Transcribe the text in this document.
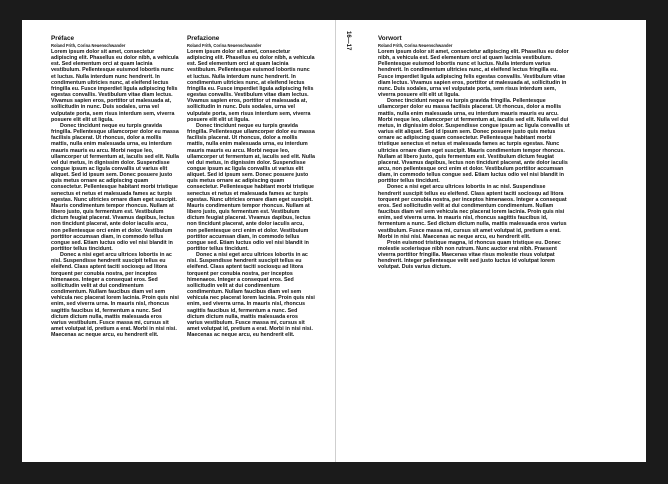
Préface

Roland Frith, Corina Neuenschwander

Lorem ipsum dolor sit amet, consectetur adipiscing elit. Phasellus eu dolor nibh, a vehicula est. Sed elementum orci at quam lacinia vestibulum. Pellentesque euismod lobortis nunc et luctus. Nulla interdum nunc hendrerit. In condimentum ultricies nunc, at eleifend lectus fringilla eu. Fusce imperdiet ligula adipiscing felis egestas convallis. Vestibulum vitae diam lectus. Vivamus sapien eros, porttitor ut malesuada at, sollicitudin in nunc. Duis sodales, urna vel vulputate porta, sem risus interdum sem, viverra posuere elit elit ut ligula.

Donec tincidunt neque eu turpis gravida fringilla. Pellentesque ullamcorper dolor eu massa facilisis placerat. Ut rhoncus, dolor a mollis mattis, nulla enim malesuada urna, eu interdum mauris mauris eu arcu. Morbi neque leo, ullamcorper ut fermentum at, iaculis sed elit. Nulla vel dui metus, in dignissim dolor. Suspendisse congue ipsum ac ligula convallis ut varius elit aliquet. Sed id ipsum sem. Donec posuere justo quis metus ornare ac adipiscing quam consectetur. Pellentesque habitant morbi tristique senectus et netus et malesuada fames ac turpis egestas. Nunc ultricies ornare diam eget suscipit. Mauris condimentum tempor rhoncus. Nullam at libero justo, quis fermentum est. Vestibulum dictum feugiat placerat. Vivamus dapibus, lectus non tincidunt placerat, ante dolor iaculis arcu, non pellentesque orci enim et dolor. Vestibulum porttitor accumsan diam, in commodo tellus congue sed. Etiam luctus odio vel nisi blandit in porttitor tellus tincidunt.

Donec a nisi eget arcu ultrices lobortis in ac nisl. Suspendisse hendrerit suscipit tellus eu eleifend. Class aptent taciti sociosqu ad litora torquent per conubia nostra, per inceptos himenaeos. Integer a consequat eros. Sed sollicitudin velit at dui condimentum condimentum. Nullam faucibus diam vel sem vehicula nec placerat lorem lacinia. Proin quis nisi enim, sed viverra urna. In mauris nisl, rhoncus sagittis faucibus id, fermentum a nunc. Sed dictum dictum nulla, mattis malesuada eros varius vestibulum. Fusce massa mi, cursus sit amet volutpat id, pretium a erat. Morbi in nisi nisi. Maecenas ac neque arcu, eu hendrerit elit.

Prefazione

Roland Frith, Corina Neuenschwander

Lorem ipsum dolor sit amet, consectetur adipiscing elit. Phasellus eu dolor nibh, a vehicula est. Sed elementum orci at quam lacinia vestibulum. Pellentesque euismod lobortis nunc et luctus. Nulla interdum nunc hendrerit. In condimentum ultricies nunc, at eleifend lectus fringilla eu. Fusce imperdiet ligula adipiscing felis egestas convallis. Vestibulum vitae diam lectus. Vivamus sapien eros, porttitor ut malesuada at, sollicitudin in nunc. Duis sodales, urna vel vulputate porta, sem risus interdum sem, viverra posuere elit elit ut ligula.

Donec tincidunt neque eu turpis gravida fringilla. Pellentesque ullamcorper dolor eu massa facilisis placerat. Ut rhoncus, dolor a mollis mattis, nulla enim malesuada urna, eu interdum mauris mauris eu arcu. Morbi neque leo, ullamcorper ut fermentum at, iaculis sed elit. Nulla vel dui metus, in dignissim dolor. Suspendisse congue ipsum ac ligula convallis ut varius elit aliquet. Sed id ipsum sem. Donec posuere justo quis metus ornare ac adipiscing quam consectetur. Pellentesque habitant morbi tristique senectus et netus et malesuada fames ac turpis egestas. Nunc ultricies ornare diam eget suscipit. Mauris condimentum tempor rhoncus. Nullam at libero justo, quis fermentum est. Vestibulum dictum feugiat placerat. Vivamus dapibus, lectus non tincidunt placerat, ante dolor iaculis arcu, non pellentesque orci enim et dolor. Vestibulum porttitor accumsan diam, in commodo tellus congue sed. Etiam luctus odio vel nisi blandit in porttitor tellus tincidunt.

Donec a nisi eget arcu ultrices lobortis in ac nisl. Suspendisse hendrerit suscipit tellus eu eleifend. Class aptent taciti sociosqu ad litora torquent per conubia nostra, per inceptos himenaeos. Integer a consequat eros. Sed sollicitudin velit at dui condimentum condimentum. Nullam faucibus diam vel sem vehicula nec placerat lorem lacinia. Proin quis nisi enim, sed viverra urna. In mauris nisl, rhoncus sagittis faucibus id, fermentum a nunc. Sed dictum dictum nulla, mattis malesuada eros varius vestibulum. Fusce massa mi, cursus sit amet volutpat id, pretium a erat. Morbi in nisi nisi. Maecenas ac neque arcu, eu hendrerit elit.

16—17	Vorwort

Roland Frith, Corina Neuenschwander

Lorem ipsum dolor sit amet, consectetur adipiscing elit. Phasellus eu dolor nibh, a vehicula est. Sed elementum orci at quam lacinia vestibulum. Pellentesque euismod lobortis nunc et luctus. Nulla interdum varius hendrerit. In condimentum ultricies nunc, at eleifend lectus fringilla eu. Fusce imperdiet ligula adipiscing felis egestas convallis. Vestibulum vitae diam lectus. Vivamus sapien eros, porttitor ut malesuada at, sollicitudin in nunc. Duis sodales, urna vel vulputate porta, sem risus interdum sem, viverra posuere elit elit ut ligula.

Donec tincidunt neque eu turpis gravida fringilla. Pellentesque ullamcorper dolor eu massa facilisis placerat. Ut rhoncus, dolor a mollis mattis, nulla enim malesuada urna, eu interdum mauris mauris eu arcu. Morbi neque leo, ullamcorper ut fermentum at, iaculis sed elit. Nulla vel dui metus, in dignissim dolor. Suspendisse congue ipsum ac ligula convallis ut varius elit aliquet. Sed id ipsum sem. Donec posuere justo quis metus ornare ac adipiscing quam consectetur. Pellentesque habitant morbi tristique senectus et netus et malesuada fames ac turpis egestas. Nunc ultricies ornare diam eget suscipit. Mauris condimentum tempor rhoncus. Nullam at libero justo, quis fermentum est. Vestibulum dictum feugiat placerat. Vivamus dapibus, lectus non tincidunt placerat, ante dolor iaculis arcu, non pellentesque orci enim et dolor. Vestibulum porttitor accumsan diam, in commodo tellus congue sed. Etiam luctus odio vel nisi blandit in porttitor tellus tincidunt.

Donec a nisi eget arcu ultrices lobortis in ac nisl. Suspendisse hendrerit suscipit tellus eu eleifend. Class aptent taciti sociosqu ad litora torquent per conubia nostra, per inceptos himenaeos. Integer a consequat eros. Sed sollicitudin velit at dui condimentum condimentum. Nullam faucibus diam vel sem vehicula nec placerat lorem lacinia. Proin quis nisi enim, sed viverra urna. In mauris nisl, rhoncus sagittis faucibus id, fermentum a nunc. Sed dictum dictum nulla, mattis malesuada eros varius vestibulum. Fusce massa mi, cursus sit amet volutpat id, pretium a erat. Morbi in nisi nisi. Maecenas ac neque arcu, eu hendrerit elit.

Proin euismod tristique magna, id rhoncus quam tristique eu. Donec molestie scelerisque nibh non rutrum. Nunc auctor erat nibh. Praesent viverra porttitor fringilla. Maecenas vitae risus molestie risus volutpat hendrerit. Integer pellentesque velit sed justo luctus id volutpat lorem volutpat. Duis varius dictum.
